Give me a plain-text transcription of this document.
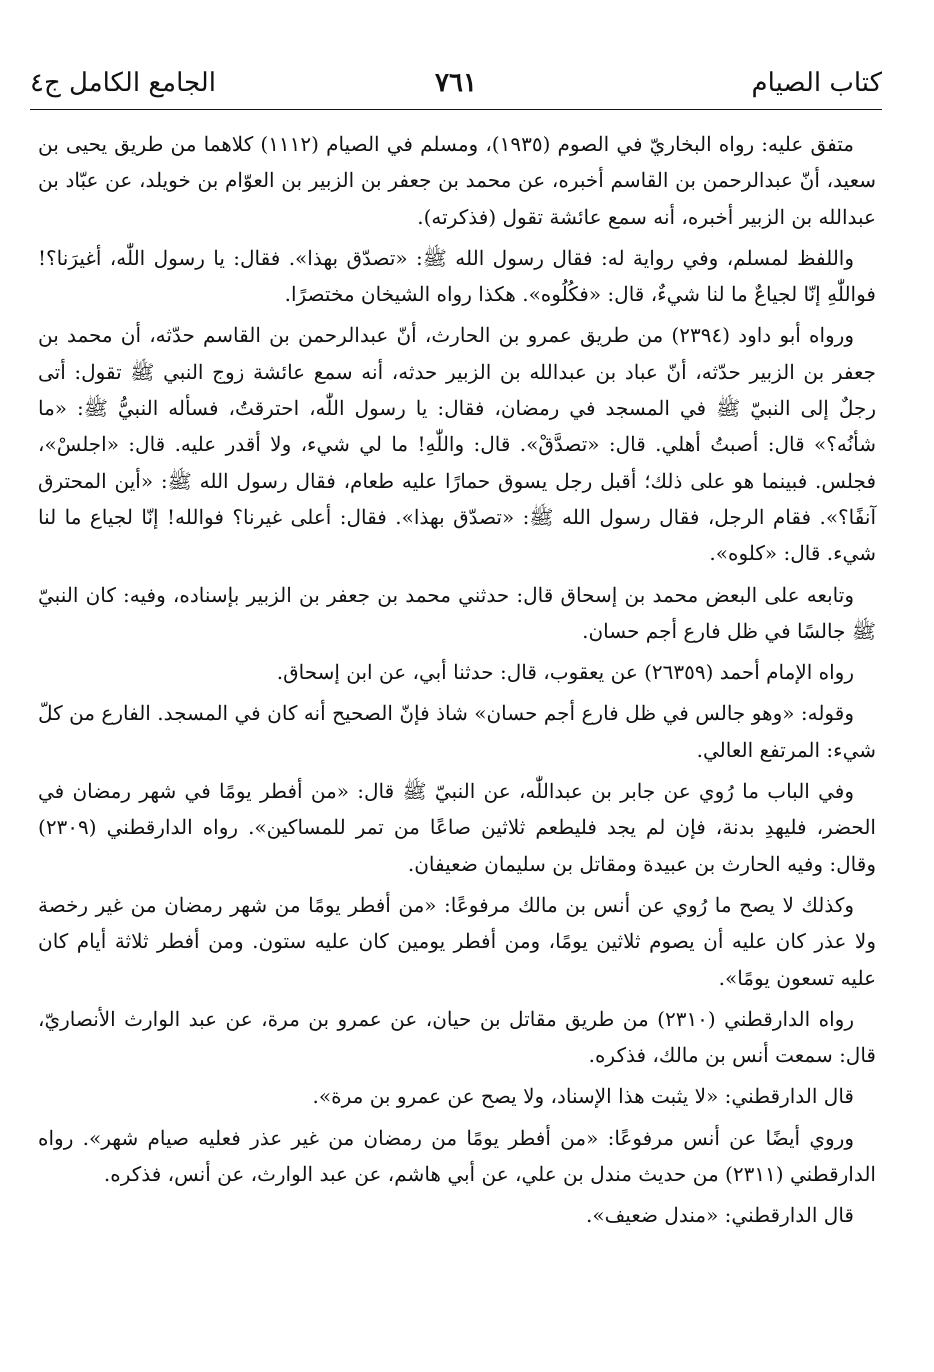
كتاب الصيام
٧٦١
الجامع الكامل ج٤

متفق عليه: رواه البخاريّ في الصوم (١٩٣٥)، ومسلم في الصيام (١١١٢) كلاهما من طريق يحيى بن سعيد، أنّ عبدالرحمن بن القاسم أخبره، عن محمد بن جعفر بن الزبير بن العوّام بن خويلد، عن عبّاد بن عبدالله بن الزبير أخبره، أنه سمع عائشة تقول (فذكرته).

واللفظ لمسلم، وفي رواية له: فقال رسول الله ﷺ: «تصدّق بهذا». فقال: يا رسول اللّٰه، أغيرَنا؟! فواللّٰهِ إنّا لجياعٌ ما لنا شيءٌ، قال: «فكُلُوه». هكذا رواه الشيخان مختصرًا.

ورواه أبو داود (٢٣٩٤) من طريق عمرو بن الحارث، أنّ عبدالرحمن بن القاسم حدّثه، أن محمد بن جعفر بن الزبير حدّثه، أنّ عباد بن عبدالله بن الزبير حدثه، أنه سمع عائشة زوج النبي ﷺ تقول: أتى رجلٌ إلى النبيّ ﷺ في المسجد في رمضان، فقال: يا رسول اللّٰه، احترقتُ، فسأله النبيُّ ﷺ: «ما شأنُه؟» قال: أصبتُ أهلي. قال: «تصدَّقْ». قال: واللّٰهِ! ما لي شيء، ولا أقدر عليه. قال: «اجلسْ»، فجلس. فبينما هو على ذلك؛ أقبل رجل يسوق حمارًا عليه طعام، فقال رسول الله ﷺ: «أين المحترق آنفًا؟». فقام الرجل، فقال رسول الله ﷺ: «تصدّق بهذا». فقال: أعلى غيرنا؟ فوالله! إنّا لجياع ما لنا شيء. قال: «كلوه».

وتابعه على البعض محمد بن إسحاق قال: حدثني محمد بن جعفر بن الزبير بإسناده، وفيه: كان النبيّ ﷺ جالسًا في ظل فارع أجم حسان.

رواه الإمام أحمد (٢٦٣٥٩) عن يعقوب، قال: حدثنا أبي، عن ابن إسحاق.

وقوله: «وهو جالس في ظل فارع أجم حسان» شاذ فإنّ الصحيح أنه كان في المسجد. الفارع من كلّ شيء: المرتفع العالي.

وفي الباب ما رُوي عن جابر بن عبداللّٰه، عن النبيّ ﷺ قال: «من أفطر يومًا في شهر رمضان في الحضر، فليهدِ بدنة، فإن لم يجد فليطعم ثلاثين صاعًا من تمر للمساكين». رواه الدارقطني (٢٣٠٩) وقال: وفيه الحارث بن عبيدة ومقاتل بن سليمان ضعيفان.

وكذلك لا يصح ما رُوي عن أنس بن مالك مرفوعًا: «من أفطر يومًا من شهر رمضان من غير رخصة ولا عذر كان عليه أن يصوم ثلاثين يومًا، ومن أفطر يومين كان عليه ستون. ومن أفطر ثلاثة أيام كان عليه تسعون يومًا».

رواه الدارقطني (٢٣١٠) من طريق مقاتل بن حيان، عن عمرو بن مرة، عن عبد الوارث الأنصاريّ، قال: سمعت أنس بن مالك، فذكره.

قال الدارقطني: «لا يثبت هذا الإسناد، ولا يصح عن عمرو بن مرة».

وروي أيضًا عن أنس مرفوعًا: «من أفطر يومًا من رمضان من غير عذر فعليه صيام شهر». رواه الدارقطني (٢٣١١) من حديث مندل بن علي، عن أبي هاشم، عن عبد الوارث، عن أنس، فذكره.

قال الدارقطني: «مندل ضعيف».
